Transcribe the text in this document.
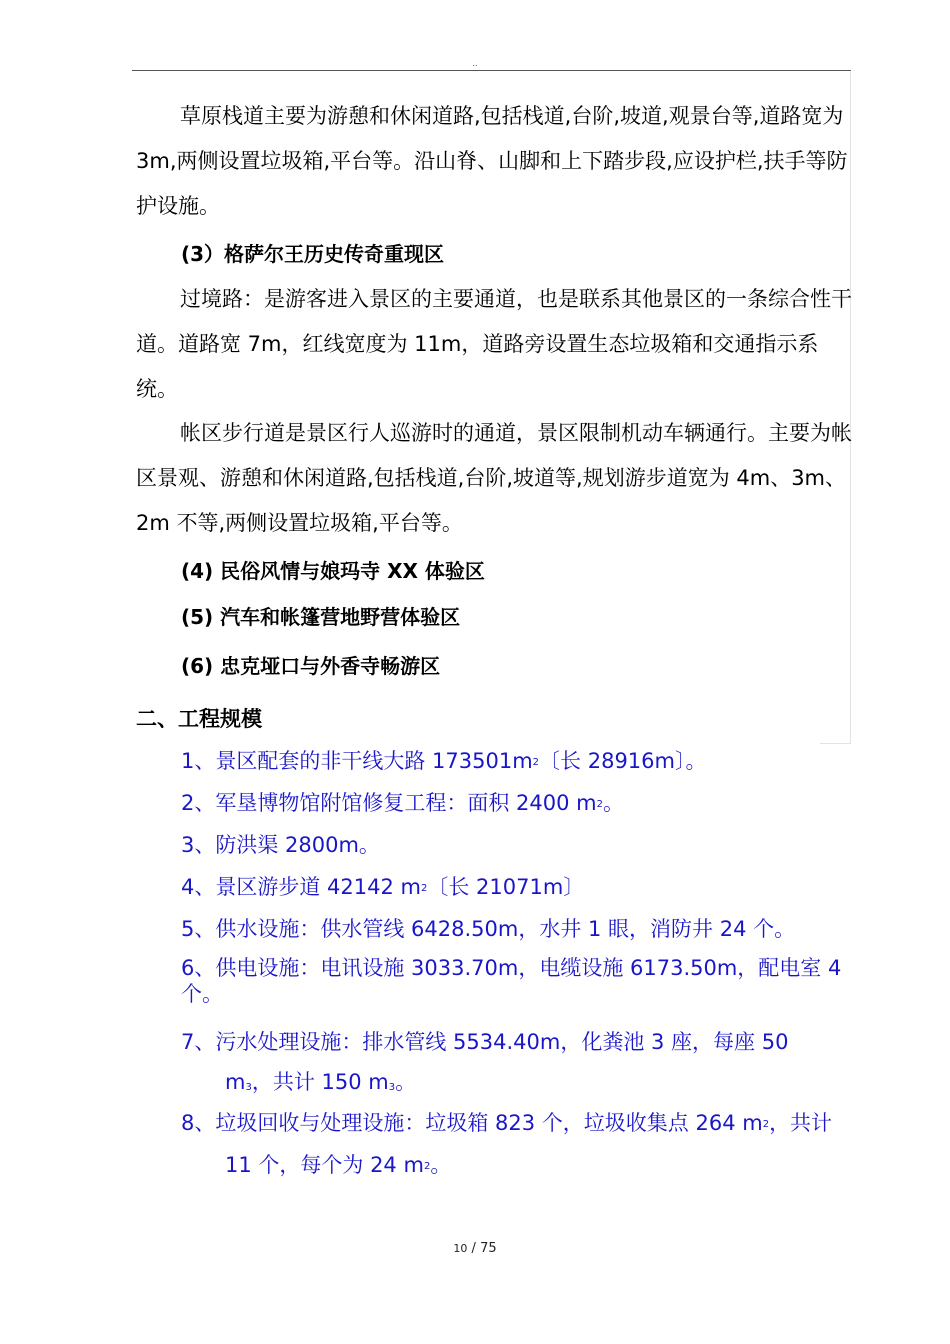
..

草原栈道主要为游憩和休闲道路,包括栈道,台阶,坡道,观景台等,道路宽为 3m,两侧设置垃圾箱,平台等。沿山脊、山脚和上下踏步段,应设护栏,扶手等防护设施。

(3）格萨尔王历史传奇重现区

过境路：是游客进入景区的主要通道，也是联系其他景区的一条综合性干道。道路宽 7m，红线宽度为 11m，道路旁设置生态垃圾箱和交通指示系统。

帐区步行道是景区行人巡游时的通道，景区限制机动车辆通行。主要为帐区景观、游憩和休闲道路,包括栈道,台阶,坡道等,规划游步道宽为 4m、3m、2m 不等,两侧设置垃圾箱,平台等。

(4) 民俗风情与娘玛寺 XX 体验区

(5) 汽车和帐篷营地野营体验区

(6) 忠克垭口与外香寺畅游区

二、工程规模

1、景区配套的非干线大路 $173501m^2$〔长 28916m〕。

2、军垦博物馆附馆修复工程：面积 2400 $m^2$。

3、防洪渠 2800m。

4、景区游步道 42142 $m^2$〔长 21071m〕

5、供水设施：供水管线 6428.50m，水井 1 眼，消防井 24 个。

6、供电设施：电讯设施 3033.70m，电缆设施 6173.50m，配电室 4 个。

7、污水处理设施：排水管线 5534.40m，化粪池 3 座，每座 50
m3，共计 150 m3。

8、垃圾回收与处理设施：垃圾箱 823 个，垃圾收集点 264 $m^2$，共计
11 个，每个为 24 $m^2$。

10 / 75
